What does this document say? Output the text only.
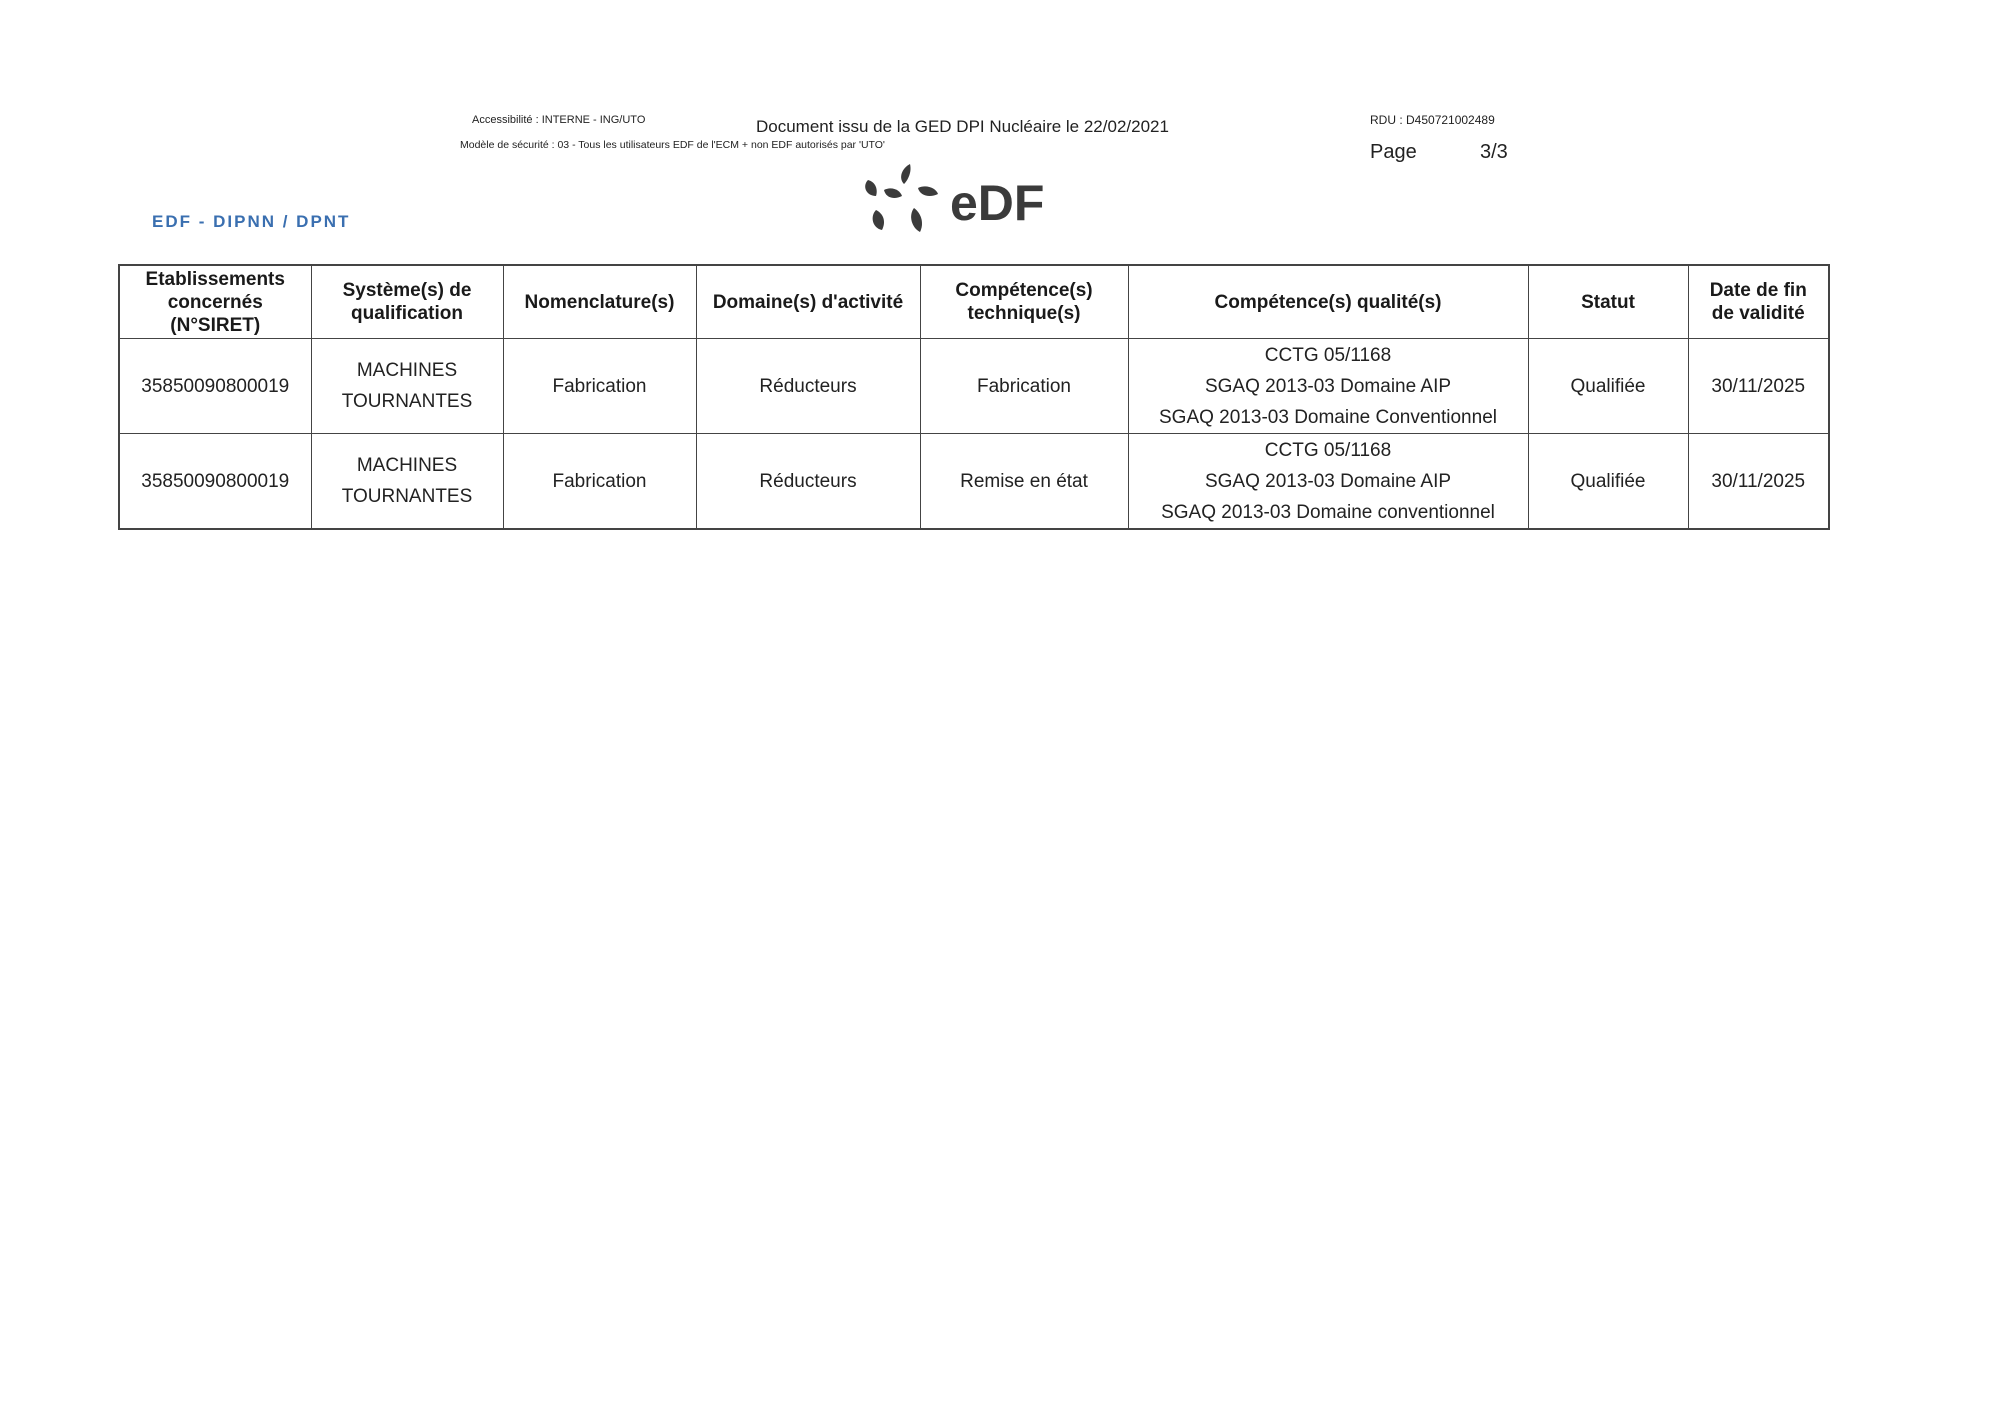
Accessibilité : INTERNE - ING/UTO
Modèle de sécurité : 03 - Tous les utilisateurs EDF de l'ECM + non EDF autorisés par 'UTO'
Document issu de la GED DPI Nucléaire le 22/02/2021	RDU : D450721002489
Page	3/3
EDF - DIPNN / DPNT	eDF
Etablissements
concernés
(N°SIRET)	Système(s) de
qualification	Nomenclature(s)	Domaine(s) d'activité	Compétence(s)
technique(s)	Compétence(s) qualité(s)	Statut	Date de fin
de validité

35850090800019	MACHINES
TOURNANTES	Fabrication	Réducteurs	Fabrication	CCTG 05/1168
SGAQ 2013-03 Domaine AIP
SGAQ 2013-03 Domaine Conventionnel	Qualifiée	30/11/2025
35850090800019	MACHINES
TOURNANTES	Fabrication	Réducteurs	Remise en état	CCTG 05/1168
SGAQ 2013-03 Domaine AIP
SGAQ 2013-03 Domaine conventionnel	Qualifiée	30/11/2025
